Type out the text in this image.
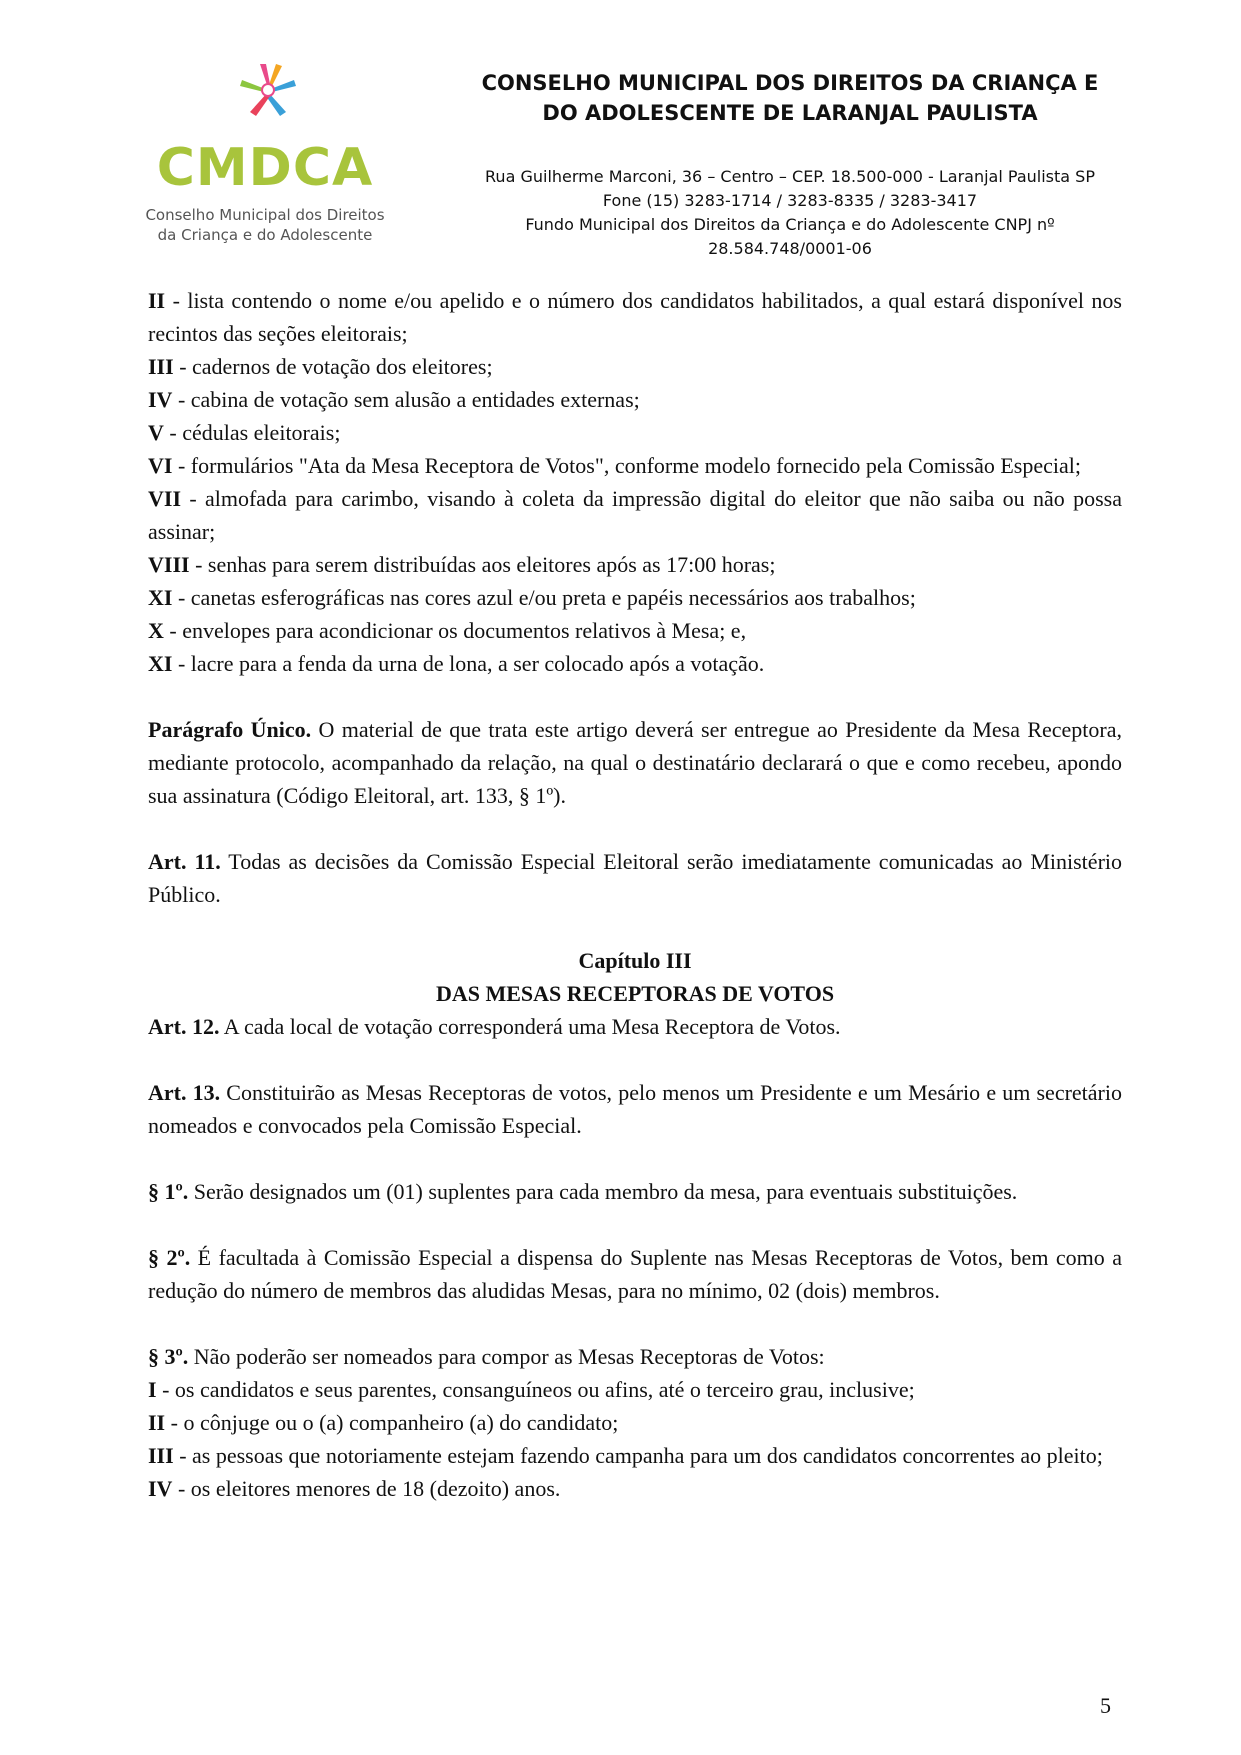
CMDCA
Conselho Municipal dos Direitos
da Criança e do Adolescente
CONSELHO MUNICIPAL DOS DIREITOS DA CRIANÇA E
DO ADOLESCENTE DE LARANJAL PAULISTA
Rua Guilherme Marconi, 36 – Centro – CEP. 18.500-000 - Laranjal Paulista SP
Fone (15) 3283-1714 / 3283-8335 / 3283-3417
Fundo Municipal dos Direitos da Criança e do Adolescente CNPJ nº
28.584.748/0001-06

II - lista contendo o nome e/ou apelido e o número dos candidatos habilitados, a qual estará disponível nos recintos das seções eleitorais;

III - cadernos de votação dos eleitores;

IV - cabina de votação sem alusão a entidades externas;

V - cédulas eleitorais;

VI - formulários "Ata da Mesa Receptora de Votos", conforme modelo fornecido pela Comissão Especial;

VII - almofada para carimbo, visando à coleta da impressão digital do eleitor que não saiba ou não possa assinar;

VIII - senhas para serem distribuídas aos eleitores após as 17:00 horas;

XI - canetas esferográficas nas cores azul e/ou preta e papéis necessários aos trabalhos;

X - envelopes para acondicionar os documentos relativos à Mesa; e,

XI - lacre para a fenda da urna de lona, a ser colocado após a votação.

Parágrafo Único. O material de que trata este artigo deverá ser entregue ao Presidente da Mesa Receptora, mediante protocolo, acompanhado da relação, na qual o destinatário declarará o que e como recebeu, apondo sua assinatura (Código Eleitoral, art. 133, § 1º).

Art. 11. Todas as decisões da Comissão Especial Eleitoral serão imediatamente comunicadas ao Ministério Público.

Capítulo III

DAS MESAS RECEPTORAS DE VOTOS

Art. 12. A cada local de votação corresponderá uma Mesa Receptora de Votos.

Art. 13. Constituirão as Mesas Receptoras de votos, pelo menos um Presidente e um Mesário e um secretário nomeados e convocados pela Comissão Especial.

§ 1º. Serão designados um (01) suplentes para cada membro da mesa, para eventuais substituições.

§ 2º. É facultada à Comissão Especial a dispensa do Suplente nas Mesas Receptoras de Votos, bem como a redução do número de membros das aludidas Mesas, para no mínimo, 02 (dois) membros.

§ 3º. Não poderão ser nomeados para compor as Mesas Receptoras de Votos:

I - os candidatos e seus parentes, consanguíneos ou afins, até o terceiro grau, inclusive;

II - o cônjuge ou o (a) companheiro (a) do candidato;

III - as pessoas que notoriamente estejam fazendo campanha para um dos candidatos concorrentes ao pleito;

IV - os eleitores menores de 18 (dezoito) anos.

5
